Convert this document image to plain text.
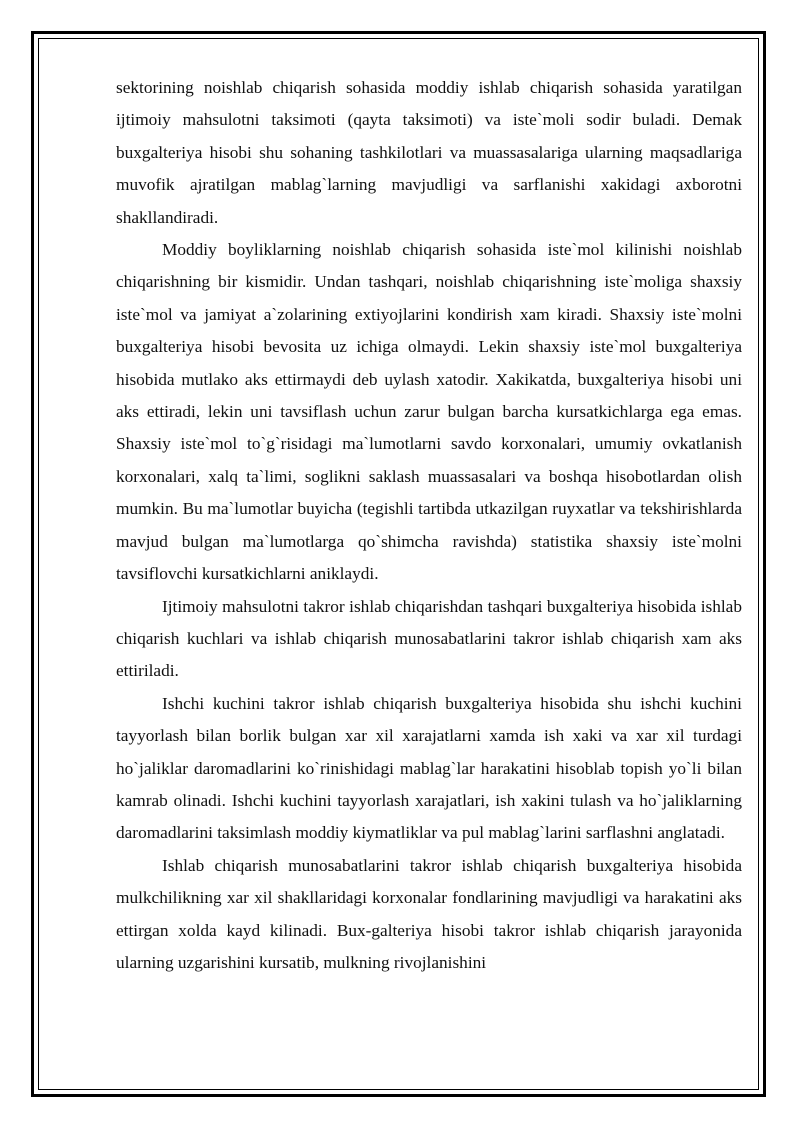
sektorining noishlab chiqarish sohasida moddiy ishlab chiqarish sohasida yaratilgan ijtimoiy mahsulotni taksimoti (qayta taksimoti) va iste`moli sodir buladi. Demak buxgalteriya hisobi shu sohaning tashkilotlari va muassasalariga ularning maqsadlariga muvofik ajratilgan mablag`larning mavjudligi va sarflanishi xakidagi axborotni shakllandiradi.

Moddiy boyliklarning noishlab chiqarish sohasida iste`mol kilinishi noishlab chiqarishning bir kismidir. Undan tashqari, noishlab chiqarishning iste`moliga shaxsiy iste`mol va jamiyat a`zolarining extiyojlarini kondirish xam kiradi. Shaxsiy iste`molni buxgalteriya hisobi bevosita uz ichiga olmaydi. Lekin shaxsiy iste`mol buxgalteriya hisobida mutlako aks ettirmaydi deb uylash xatodir. Xakikatda, buxgalteriya hisobi uni aks ettiradi, lekin uni tavsiflash uchun zarur bulgan barcha kursatkichlarga ega emas. Shaxsiy iste`mol to`g`risidagi ma`lumotlarni savdo korxonalari, umumiy ovkatlanish korxonalari, xalq ta`limi, soglikni saklash muassasalari va boshqa hisobotlardan olish mumkin. Bu ma`lumotlar buyicha (tegishli tartibda utkazilgan ruyxatlar va tekshirishlarda mavjud bulgan ma`lumotlarga qo`shimcha ravishda) statistika shaxsiy iste`molni tavsiflovchi kursatkichlarni aniklaydi.

Ijtimoiy mahsulotni takror ishlab chiqarishdan tashqari buxgalteriya hisobida ishlab chiqarish kuchlari va ishlab chiqarish munosabatlarini takror ishlab chiqarish xam aks ettiriladi.

Ishchi kuchini takror ishlab chiqarish buxgalteriya hisobida shu ishchi kuchini tayyorlash bilan borlik bulgan xar xil xarajatlarni xamda ish xaki va xar xil turdagi ho`jaliklar daromadlarini ko`rinishidagi mablag`lar harakatini hisoblab topish yo`li bilan kamrab olinadi. Ishchi kuchini tayyorlash xarajatlari, ish xakini tulash va ho`jaliklarning daromadlarini taksimlash moddiy kiymatliklar va pul mablag`larini sarflashni anglatadi.

Ishlab chiqarish munosabatlarini takror ishlab chiqarish buxgalteriya hisobida mulkchilikning xar xil shakllaridagi korxonalar fondlarining mavjudligi va harakatini aks ettirgan xolda kayd kilinadi. Bux-galteriya hisobi takror ishlab chiqarish jarayonida ularning uzgarishini kursatib, mulkning rivojlanishini
